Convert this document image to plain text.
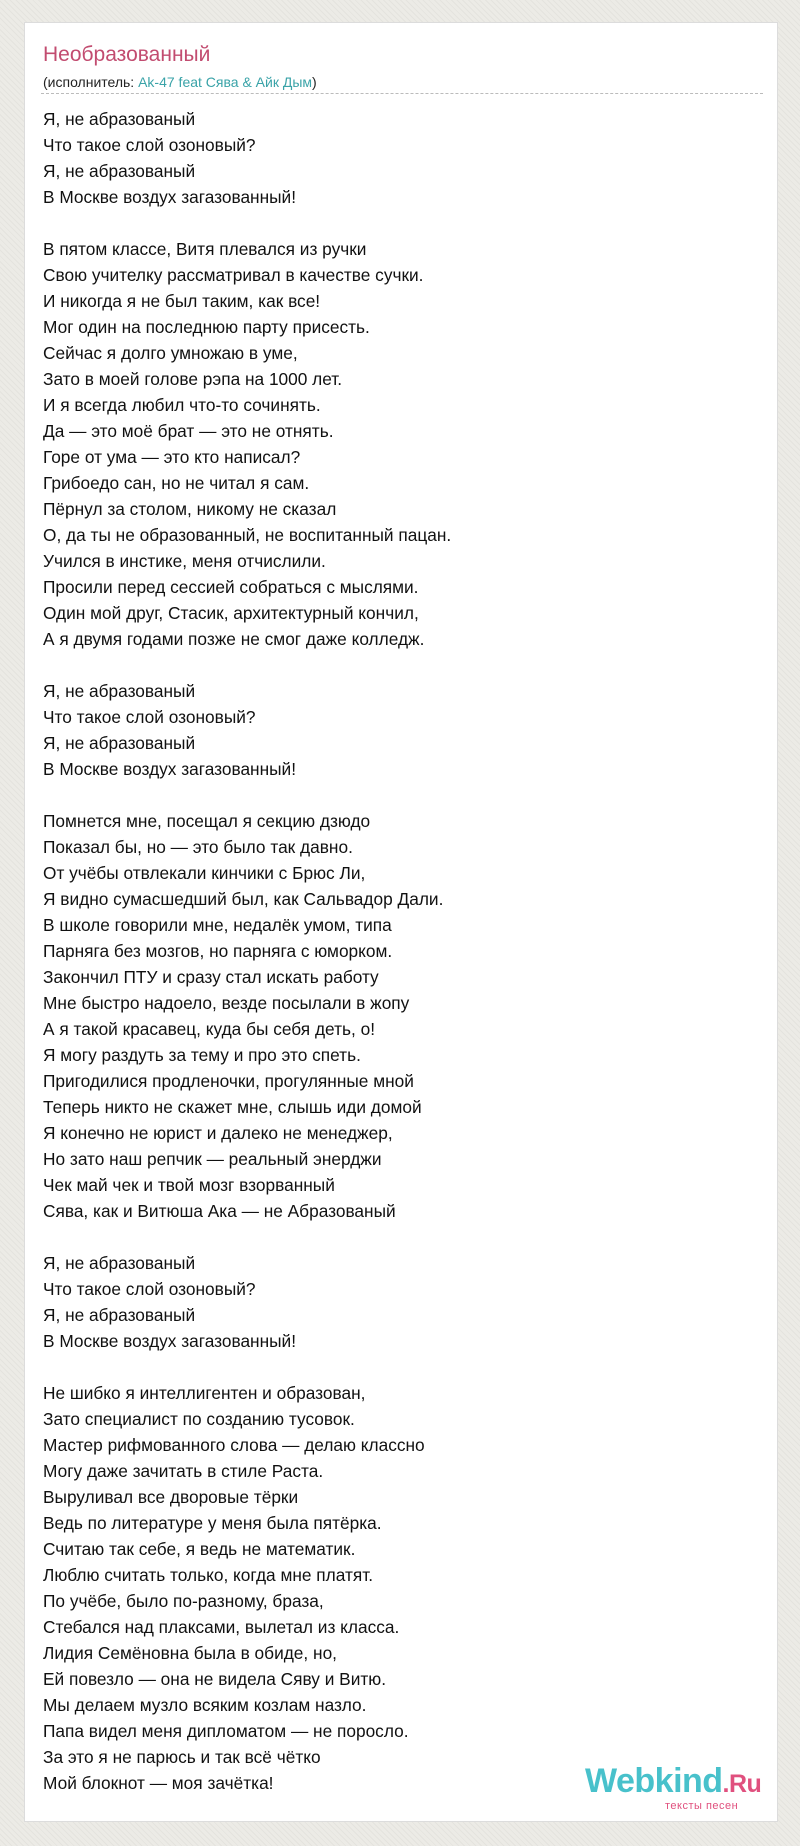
Необразованный
(исполнитель: Ak-47 feat Сява & Айк Дым)
Я, не абразованый
Что такое слой озоновый?
Я, не абразованый
В Москве воздух загазованный!
В пятом классе, Витя плевался из ручки
Свою учителку рассматривал в качестве сучки.
И никогда я не был таким, как все!
Мог один на последнюю парту присесть.
Сейчас я долго умножаю в уме,
Зато в моей голове рэпа на 1000 лет.
И я всегда любил что-то сочинять.
Да — это моё брат — это не отнять.
Горе от ума — это кто написал?
Грибоедо сан, но не читал я сам.
Пёрнул за столом, никому не сказал
О, да ты не образованный, не воспитанный пацан.
Учился в инстике, меня отчислили.
Просили перед сессией собраться с мыслями.
Один мой друг, Стасик, архитектурный кончил,
А я двумя годами позже не смог даже колледж.
Я, не абразованый
Что такое слой озоновый?
Я, не абразованый
В Москве воздух загазованный!
Помнется мне, посещал я секцию дзюдо
Показал бы, но — это было так давно.
От учёбы отвлекали кинчики с Брюс Ли,
Я видно сумасшедший был, как Сальвадор Дали.
В школе говорили мне, недалёк умом, типа
Парняга без мозгов, но парняга с юморком.
Закончил ПТУ и сразу стал искать работу
Мне быстро надоело, везде посылали в жопу
А я такой красавец, куда бы себя деть, о!
Я могу раздуть за тему и про это спеть.
Пригодилися продленочки, прогулянные мной
Теперь никто не скажет мне, слышь иди домой
Я конечно не юрист и далеко не менеджер,
Но зато наш репчик — реальный энерджи
Чек май чек и твой мозг взорванный
Сява, как и Витюша Ака — не Абразованый
Я, не абразованый
Что такое слой озоновый?
Я, не абразованый
В Москве воздух загазованный!
Не шибко я интеллигентен и образован,
Зато специалист по созданию тусовок.
Мастер рифмованного слова — делаю классно
Могу даже зачитать в стиле Раста.
Выруливал все дворовые тёрки
Ведь по литературе у меня была пятёрка.
Считаю так себе, я ведь не математик.
Люблю считать только, когда мне платят.
По учёбе, было по-разному, браза,
Стебался над плаксами, вылетал из класса.
Лидия Семёновна была в обиде, но,
Ей повезло — она не видела Сяву и Витю.
Мы делаем музло всяким козлам назло.
Папа видел меня дипломатом — не поросло.
За это я не парюсь и так всё чётко
Мой блокнот — моя зачётка!	Webkind.Ru
тексты песен
